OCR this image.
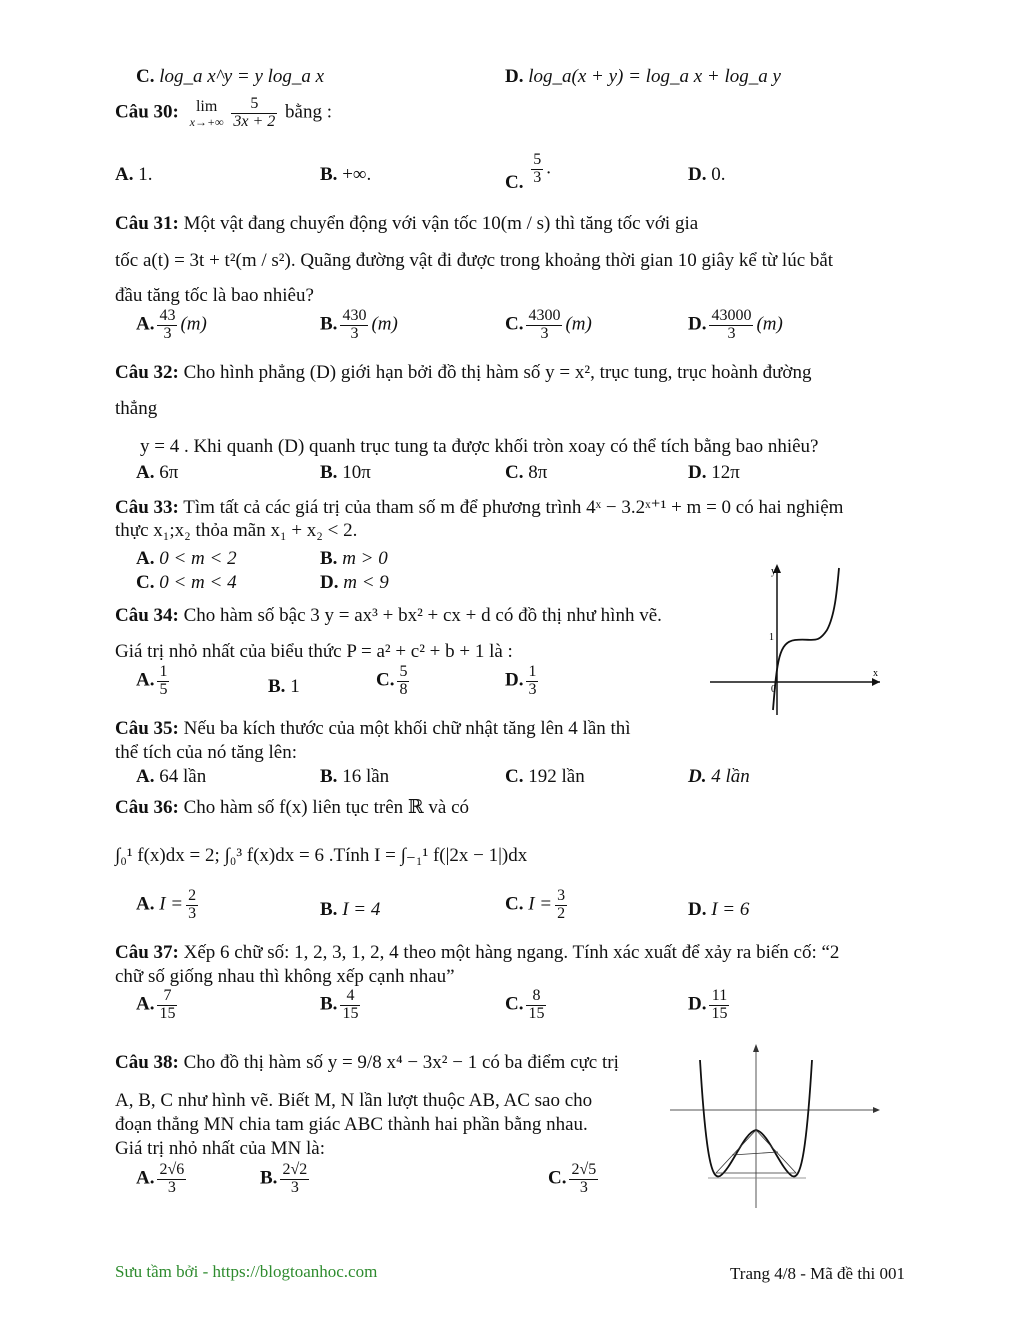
C. log_a x^y = y log_a x	D. log_a(x + y) = log_a x + log_a y
Câu 30:	lim
x→+∞
$\frac{5}{3x + 2}$ bằng :
A. 1.	B. +∞.	C. $\frac{5}{3}$ .	D. 0.
Câu 31: Một vật đang chuyển động với vận tốc 10(m / s) thì tăng tốc với gia
tốc a(t) = 3t + t²(m / s²). Quãng đường vật đi được trong khoảng thời gian 10 giây kể từ lúc bắt
đầu tăng tốc là bao nhiêu?
A. $\frac{43}{3} (m)$	B. $\frac{430}{3} (m)$	C. $\frac{4300}{3} (m)$	D. $\frac{43000}{3} (m)$
Câu 32: Cho hình phẳng (D) giới hạn bởi đồ thị hàm số y = x², trục tung, trục hoành đường
thẳng
y = 4 . Khi quanh (D) quanh trục tung ta được khối tròn xoay có thể tích bằng bao nhiêu?
A. 6π	B. 10π	C. 8π	D. 12π
Câu 33: Tìm tất cả các giá trị của tham số m để phương trình 4ˣ − 3.2ˣ⁺¹ + m = 0 có hai nghiệm
thực x₁;x₂ thỏa mãn x₁ + x₂ < 2.
A. 0 < m < 2	B. m > 0
C. 0 < m < 4	D. m < 9
Câu 34: Cho hàm số bậc 3 y = ax³ + bx² + cx + d có đồ thị như hình vẽ.
Giá trị nhỏ nhất của biểu thức P = a² + c² + b + 1 là :
A. $\frac{1}{5}$	B. 1	C. $\frac{5}{8}$	D. $\frac{1}{3}$
y
x
1
0
Câu 35: Nếu ba kích thước của một khối chữ nhật tăng lên 4 lần thì
thể tích của nó tăng lên:
A. 64 lần	B. 16 lần	C. 192 lần	D. 4 lần
Câu 36: Cho hàm số f(x) liên tục trên ℝ và có
∫₀¹ f(x)dx = 2; ∫₀³ f(x)dx = 6 .Tính I = ∫₋₁¹ f(|2x − 1|)dx
A. $I = \frac{2}{3}$	B. I = 4	C. $I = \frac{3}{2}$	D. I = 6
Câu 37: Xếp 6 chữ số: 1, 2, 3, 1, 2, 4 theo một hàng ngang. Tính xác xuất để xảy ra biến cố: “2
chữ số giống nhau thì không xếp cạnh nhau”
A. $\frac{7}{15}$	B. $\frac{4}{15}$	C. $\frac{8}{15}$	D. $\frac{11}{15}$
Câu 38: Cho đồ thị hàm số y = 9/8 x⁴ − 3x² − 1 có ba điểm cực trị
A, B, C như hình vẽ. Biết M, N lần lượt thuộc AB, AC sao cho
đoạn thẳng MN chia tam giác ABC thành hai phần bằng nhau.
Giá trị nhỏ nhất của MN là:
A. $\frac{2√6}{3}$	B. $\frac{2√2}{3}$	C. $\frac{2√5}{3}$
Sưu tầm bởi - https://blogtoanhoc.com	Trang 4/8 - Mã đề thi 001
